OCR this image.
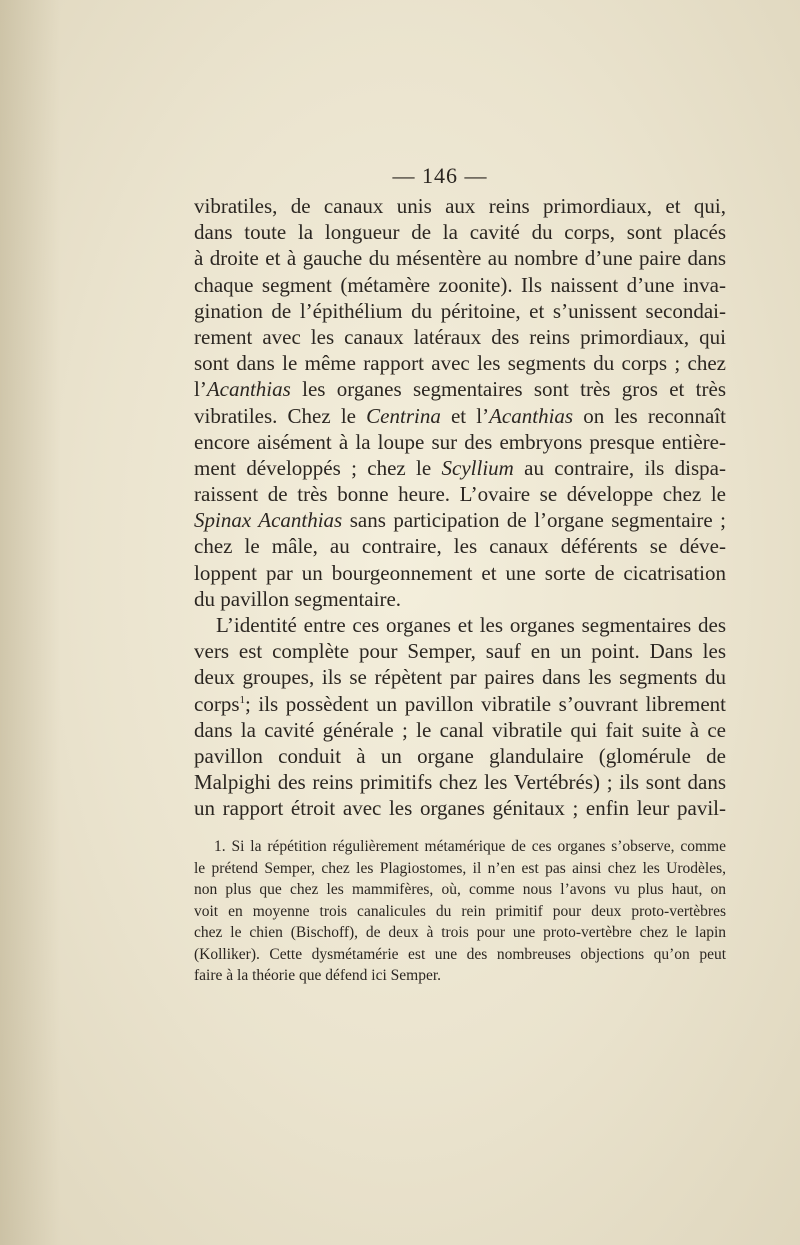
— 146 —
vibratiles, de canaux unis aux reins primordiaux, et qui,
dans toute la longueur de la cavité du corps, sont placés
à droite et à gauche du mésentère au nombre d’une paire dans
chaque segment (métamère zoonite). Ils naissent d’une inva-
gination de l’épithélium du péritoine, et s’unissent secondai-
rement avec les canaux latéraux des reins primordiaux, qui
sont dans le même rapport avec les segments du corps ; chez
l’Acanthias les organes segmentaires sont très gros et très
vibratiles. Chez le Centrina et l’Acanthias on les reconnaît
encore aisément à la loupe sur des embryons presque entière-
ment développés ; chez le Scyllium au contraire, ils dispa-
raissent de très bonne heure. L’ovaire se développe chez le
Spinax Acanthias sans participation de l’organe segmentaire ;
chez le mâle, au contraire, les canaux déférents se déve-
loppent par un bourgeonnement et une sorte de cicatrisation
du pavillon segmentaire.
L’identité entre ces organes et les organes segmentaires des
vers est complète pour Semper, sauf en un point. Dans les
deux groupes, ils se répètent par paires dans les segments du
corps$^1$; ils possèdent un pavillon vibratile s’ouvrant librement
dans la cavité générale ; le canal vibratile qui fait suite à ce
pavillon conduit à un organe glandulaire (glomérule de
Malpighi des reins primitifs chez les Vertébrés) ; ils sont dans
un rapport étroit avec les organes génitaux ; enfin leur pavil-
1. Si la répétition régulièrement métamérique de ces organes s’observe, comme
le prétend Semper, chez les Plagiostomes, il n’en est pas ainsi chez les Urodèles,
non plus que chez les mammifères, où, comme nous l’avons vu plus haut, on
voit en moyenne trois canalicules du rein primitif pour deux proto-vertèbres
chez le chien (Bischoff), de deux à trois pour une proto-vertèbre chez le lapin
(Kolliker). Cette dysmétamérie est une des nombreuses objections qu’on peut
faire à la théorie que défend ici Semper.
